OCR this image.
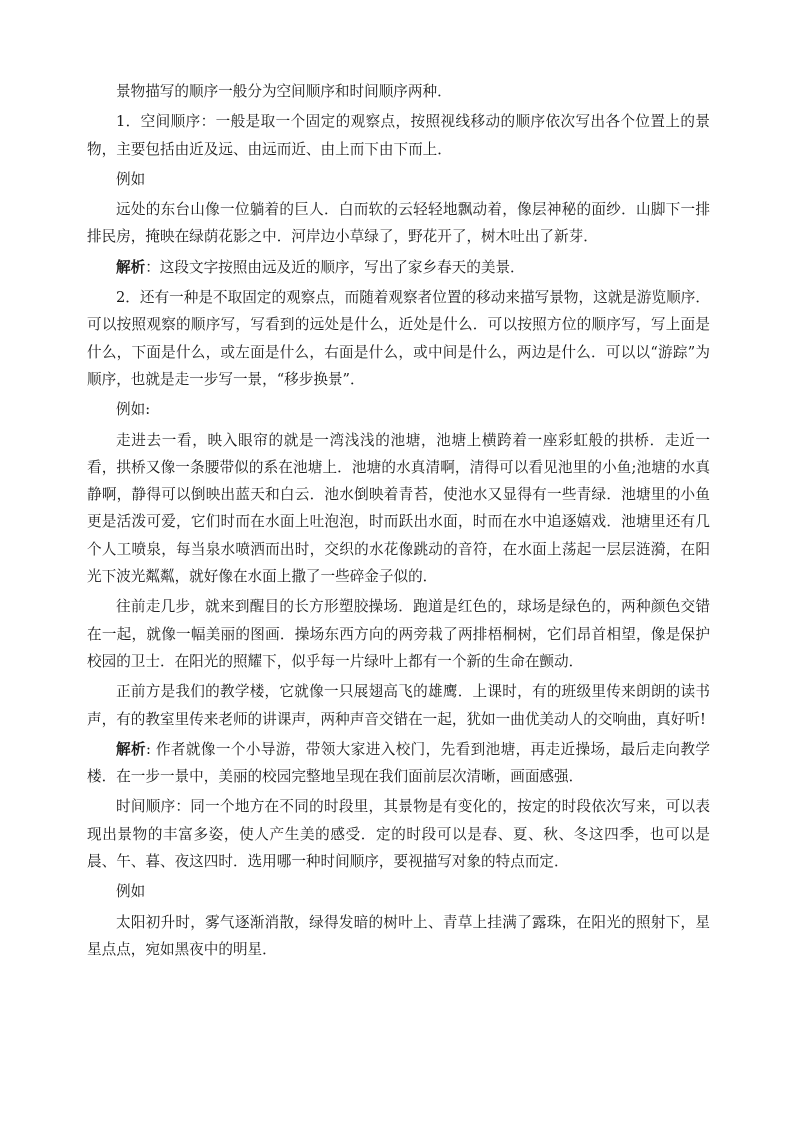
景物描写的顺序一般分为空间顺序和时间顺序两种．

1．空间顺序：一般是取一个固定的观察点，按照视线移动的顺序依次写出各个位置上的景物，主要包括由近及远、由远而近、由上而下由下而上．

例如

远处的东台山像一位躺着的巨人．白而软的云轻轻地飘动着，像层神秘的面纱．山脚下一排排民房，掩映在绿荫花影之中．河岸边小草绿了，野花开了，树木吐出了新芽．

解析：这段文字按照由远及近的顺序，写出了家乡春天的美景．

2．还有一种是不取固定的观察点，而随着观察者位置的移动来描写景物，这就是游览顺序．可以按照观察的顺序写，写看到的远处是什么，近处是什么．可以按照方位的顺序写，写上面是什么，下面是什么，或左面是什么，右面是什么，或中间是什么，两边是什么．可以以“游踪”为顺序，也就是走一步写一景，“移步换景”．

例如:

走进去一看，映入眼帘的就是一湾浅浅的池塘，池塘上横跨着一座彩虹般的拱桥．走近一看，拱桥又像一条腰带似的系在池塘上．池塘的水真清啊，清得可以看见池里的小鱼;池塘的水真静啊，静得可以倒映出蓝天和白云．池水倒映着青苔，使池水又显得有一些青绿．池塘里的小鱼更是活泼可爱，它们时而在水面上吐泡泡，时而跃出水面，时而在水中追逐嬉戏．池塘里还有几个人工喷泉，每当泉水喷洒而出时，交织的水花像跳动的音符，在水面上荡起一层层涟漪，在阳光下波光粼粼，就好像在水面上撒了一些碎金子似的．

往前走几步，就来到醒目的长方形塑胶操场．跑道是红色的，球场是绿色的，两种颜色交错在一起，就像一幅美丽的图画．操场东西方向的两旁栽了两排梧桐树，它们昂首相望，像是保护校园的卫士．在阳光的照耀下，似乎每一片绿叶上都有一个新的生命在颤动．

正前方是我们的教学楼，它就像一只展翅高飞的雄鹰．上课时，有的班级里传来朗朗的读书声，有的教室里传来老师的讲课声，两种声音交错在一起，犹如一曲优美动人的交响曲，真好听!

解析: 作者就像一个小导游，带领大家进入校门，先看到池塘，再走近操场，最后走向教学楼．在一步一景中，美丽的校园完整地呈现在我们面前层次清晰，画面感强．

时间顺序：同一个地方在不同的时段里，其景物是有变化的，按定的时段依次写来，可以表现出景物的丰富多姿，使人产生美的感受．定的时段可以是春、夏、秋、冬这四季，也可以是晨、午、暮、夜这四时．选用哪一种时间顺序，要视描写对象的特点而定．

例如

太阳初升时，雾气逐渐消散，绿得发暗的树叶上、青草上挂满了露珠，在阳光的照射下，星星点点，宛如黑夜中的明星．
